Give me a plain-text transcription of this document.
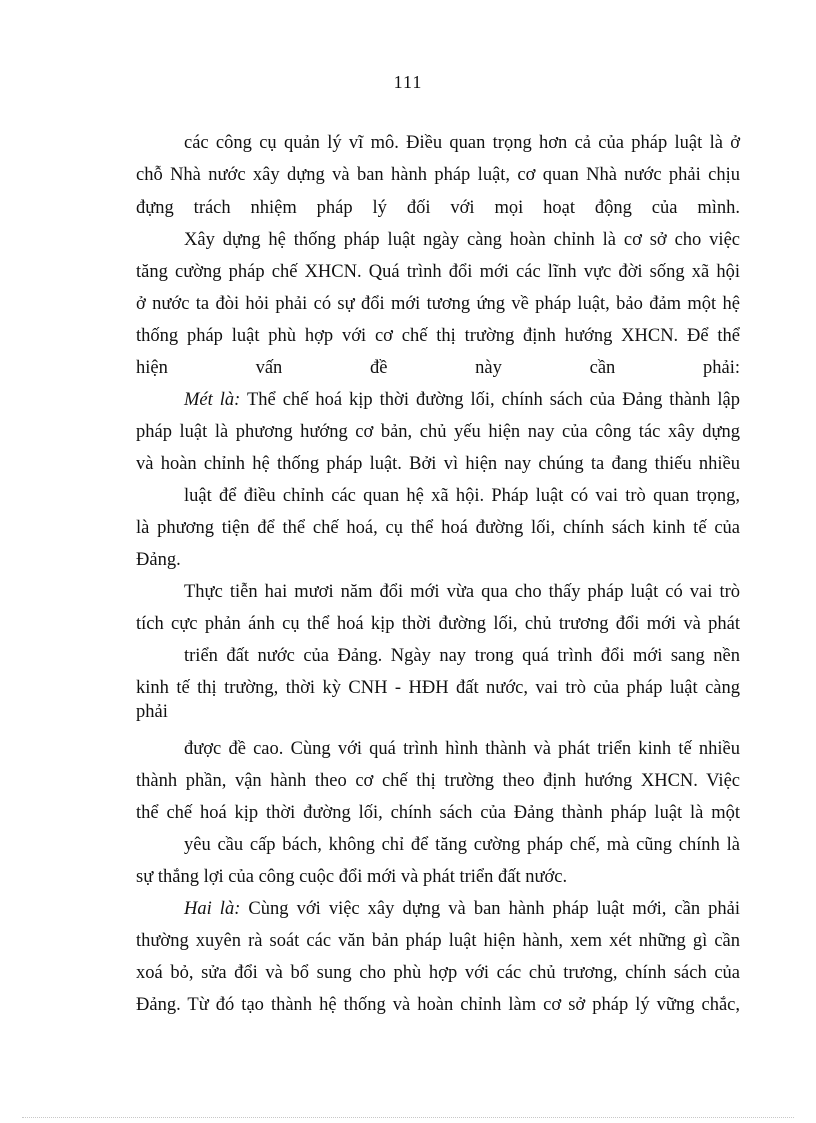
111
các công cụ quản lý vĩ mô. Điều quan trọng hơn cả của pháp luật là ở
chỗ Nhà nước xây dựng và ban hành pháp luật, cơ quan Nhà nước phải chịu
đựng trách nhiệm pháp lý đối với mọi hoạt động của mình.
Xây dựng hệ thống pháp luật ngày càng hoàn chỉnh là cơ sở cho việc
tăng cường pháp chế XHCN. Quá trình đổi mới các lĩnh vực đời sống xã hội
ở nước ta đòi hỏi phải có sự đổi mới tương ứng về pháp luật, bảo đảm một hệ
thống pháp luật phù hợp với cơ chế thị trường định hướng XHCN. Để thể
hiện vấn đề này cần phải:
Mét là: Thể chế hoá kịp thời đường lối, chính sách của Đảng thành lập
pháp luật là phương hướng cơ bản, chủ yếu hiện nay của công tác xây dựng
và hoàn chỉnh hệ thống pháp luật. Bởi vì hiện nay chúng ta đang thiếu nhiều
luật để điều chỉnh các quan hệ xã hội. Pháp luật có vai trò quan trọng,
là phương tiện để thể chế hoá, cụ thể hoá đường lối, chính sách kinh tế của
Đảng.
Thực tiễn hai mươi năm đổi mới vừa qua cho thấy pháp luật có vai trò
tích cực phản ánh cụ thể hoá kịp thời đường lối, chủ trương đổi mới và phát
triển đất nước của Đảng. Ngày nay trong quá trình đổi mới sang nền
kinh tế thị trường, thời kỳ CNH - HĐH đất nước, vai trò của pháp luật càng
phải
được đề cao. Cùng với quá trình hình thành và phát triển kinh tế nhiều
thành phần, vận hành theo cơ chế thị trường theo định hướng XHCN. Việc
thể chế hoá kịp thời đường lối, chính sách của Đảng thành pháp luật là một
yêu cầu cấp bách, không chỉ để tăng cường pháp chế, mà cũng chính là
sự thắng lợi của công cuộc đổi mới và phát triển đất nước.
Hai là: Cùng với việc xây dựng và ban hành pháp luật mới, cần phải
thường xuyên rà soát các văn bản pháp luật hiện hành, xem xét những gì cần
xoá bỏ, sửa đổi và bổ sung cho phù hợp với các chủ trương, chính sách của
Đảng. Từ đó tạo thành hệ thống và hoàn chỉnh làm cơ sở pháp lý vững chắc,
